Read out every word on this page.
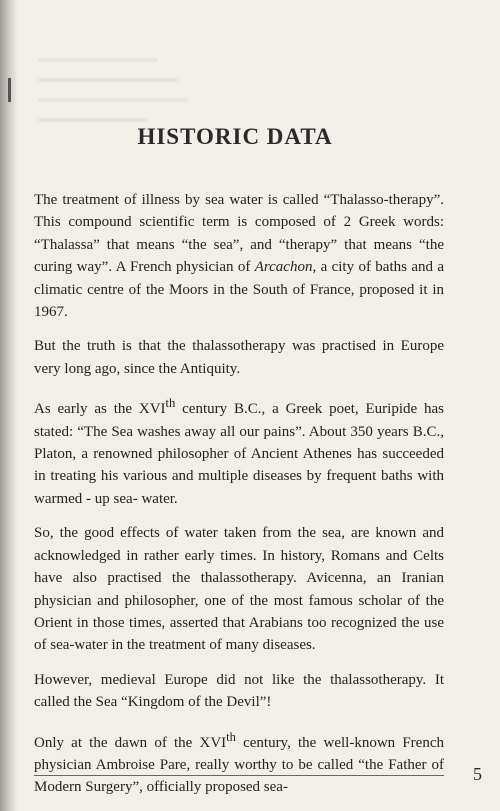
HISTORIC DATA

The treatment of illness by sea water is called “Thalasso-therapy”. This compound scientific term is composed of 2 Greek words: “Thalassa” that means “the sea”, and “therapy” that means “the curing way”. A French physician of Arcachon, a city of baths and a climatic centre of the Moors in the South of France, proposed it in 1967.

But the truth is that the thalassotherapy was practised in Europe very long ago, since the Antiquity.

As early as the XVIth century B.C., a Greek poet, Euripide has stated: “The Sea washes away all our pains”. About 350 years B.C., Platon, a renowned philosopher of Ancient Athenes has succeeded in treating his various and multiple diseases by frequent baths with warmed - up sea- water.

So, the good effects of water taken from the sea, are known and acknowledged in rather early times. In history, Romans and Celts have also practised the thalassotherapy. Avicenna, an Iranian physician and philosopher, one of the most famous scholar of the Orient in those times, asserted that Arabians too recognized the use of sea-water in the treatment of many diseases.

However, medieval Europe did not like the thalassotherapy. It called the Sea “Kingdom of the Devil”!

Only at the dawn of the XVIth century, the well-known French physician Ambroise Pare, really worthy to be called “the Father of Modern Surgery”, officially proposed sea-

5
